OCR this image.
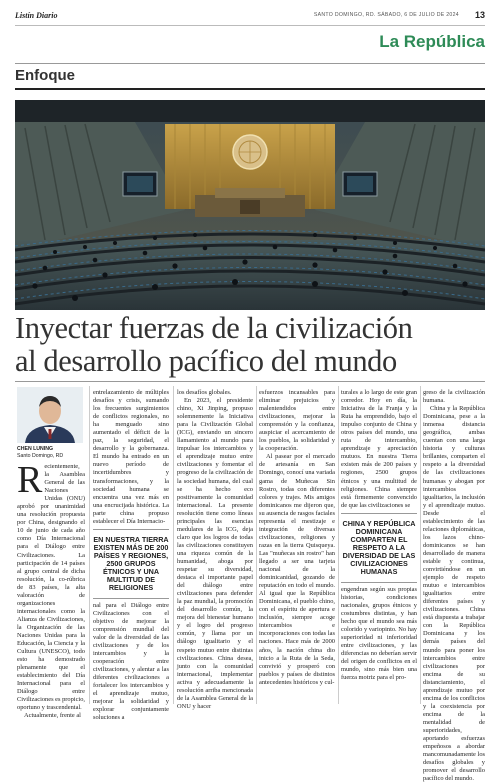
Listín Diario	SANTO DOMINGO, RD. SÁBADO, 6 DE JULIO DE 2024 13
La República
Enfoque
Inyectar fuerzas de la civilización
al desarrollo pacífico del mundo
CHEN LUNING
Santo Domingo, RD

Recientemente, la Asamblea General de las Naciones Unidas (ONU) aprobó por unanimidad una resolución propuesta por China, designando el 10 de junio de cada año como Día Internacional para el Diálogo entre Civilizaciones. La participación de 14 países al grupo central de dicha resolución, la co-rúbrica de 83 países, la alta valoración de organizaciones internacionales como la Alianza de Civilizaciones, la Organización de las Naciones Unidas para la Educación, la Ciencia y la Cultura (UNESCO), todo esto ha demostrado plenamente que el establecimiento del Día Internacional para el Diálogo entre Civilizaciones es propicio, oportuno y trascendental.

Actualmente, frente al

entrelazamiento de múltiples desafíos y crisis, sumando los frecuentes surgimientos de conflictos regionales, no ha menguado sino aumentado el déficit de la paz, la seguridad, el desarrollo y la gobernanza. El mundo ha entrado en un nuevo período de incertidumbres y transformaciones, y la sociedad humana se encuentra una vez más en una encrucijada histórica. La parte china propuso establecer el Día Internacio-

EN NUESTRA TIERRA EXISTEN MÁS DE 200 PAÍSES Y REGIONES, 2500 GRUPOS ÉTNICOS Y UNA MULTITUD DE RELIGIONES

nal para el Diálogo entre Civilizaciones con el objetivo de mejorar la comprensión mundial del valor de la diversidad de las civilizaciones y de los intercambios y la cooperación entre civilizaciones, y alentar a las diferentes civilizaciones a fortalecer los intercambios y el aprendizaje mutuo, mejorar la solidaridad y explorar conjuntamente soluciones a

los desafíos globales.

En 2023, el presidente chino, Xi Jinping, propuso solemnemente la Iniciativa para la Civilización Global (ICG), enviando un sincero llamamiento al mundo para impulsar los intercambios y el aprendizaje mutuo entre civilizaciones y fomentar el progreso de la civilización de la sociedad humana, del cual se ha hecho eco positivamente la comunidad internacional. La presente resolución tiene como líneas principales las esencias medulares de la ICG, deja claro que los logros de todas las civilizaciones constituyen una riqueza común de la humanidad, aboga por respetar su diversidad, destaca el importante papel del diálogo entre civilizaciones para defender la paz mundial, la promoción del desarrollo común, la mejora del bienestar humano y el logro del progreso común, y llama por un diálogo igualitario y el respeto mutuo entre distintas civilizaciones. China desea, junto con la comunidad internacional, implementar activa y adecuadamente la resolución arriba mencionada de la Asamblea General de la ONU y hacer

esfuerzos incansables para eliminar prejuicios y malentendidos entre civilizaciones, mejorar la comprensión y la confianza, auspiciar el acercamiento de los pueblos, la solidaridad y la cooperación.

Al pasear por el mercado de artesanía en San Domingo, conocí una variada gama de Muñecas Sin Rostro, todas con diferentes colores y trajes. Mis amigos dominicanos me dijeron que, su ausencia de rasgos faciales representa el mestizaje e integración de diversas civilizaciones, religiones y razas en la tierra Quisqueya. Las "muñecas sin rostro" han llegado a ser una tarjeta nacional de la dominicanidad, gozando de reputación en todo el mundo. Al igual que la República Dominicana, el pueblo chino, con el espíritu de apertura e inclusión, siempre acoge intercambios e incorporaciones con todas las naciones. Hace más de 2000 años, la nación china dio inicio a la Ruta de la Seda, convivió y prosperó con pueblos y países de distintos antecedentes históricos y cul-

turales a lo largo de este gran corredor. Hoy en día, la Iniciativa de la Franja y la Ruta ha emprendido, bajo el impulso conjunto de China y otros países del mundo, una ruta de intercambio, aprendizaje y apreciación mutuos. En nuestra Tierra existen más de 200 países y regiones, 2500 grupos étnicos y una multitud de religiones. China siempre está firmemente convencido de que las civilizaciones se

CHINA Y REPÚBLICA DOMINICANA COMPARTEN EL RESPETO A LA DIVERSIDAD DE LAS CIVILIZACIONES HUMANAS

engendran según sus propias historias, condiciones nacionales, grupos étnicos y costumbres distintas, y han hecho que el mundo sea más colorido y variopinto. No hay superioridad ni inferioridad entre civilizaciones, y las diferencias no deberían servir del origen de conflictos en el mundo, sino más bien una fuerza motriz para el pro-

greso de la civilización humana.

China y la República Dominicana, pese a la inmensa distancia geográfica, ambas cuentan con una larga historia y culturas brillantes, comparten el respeto a la diversidad de las civilizaciones humanas y abogan por intercambios igualitarios, la inclusión y el aprendizaje mutuo. Desde el establecimiento de las relaciones diplomáticas, los lazos chino-dominicanos se han desarrollado de manera estable y continua, convirtiéndose en un ejemplo de respeto mutuo e intercambios igualitarios entre diferentes países y civilizaciones. China está dispuesta a trabajar con la República Dominicana y los demás países del mundo para poner los intercambios entre civilizaciones por encima de su distanciamiento, el aprendizaje mutuo por encima de los conflictos y la coexistencia por encima de la mentalidad de superioridades, aportando esfuerzas empeñosos a abordar mancomunadamente los desafíos globales y promover el desarrollo pacífico del mundo.
